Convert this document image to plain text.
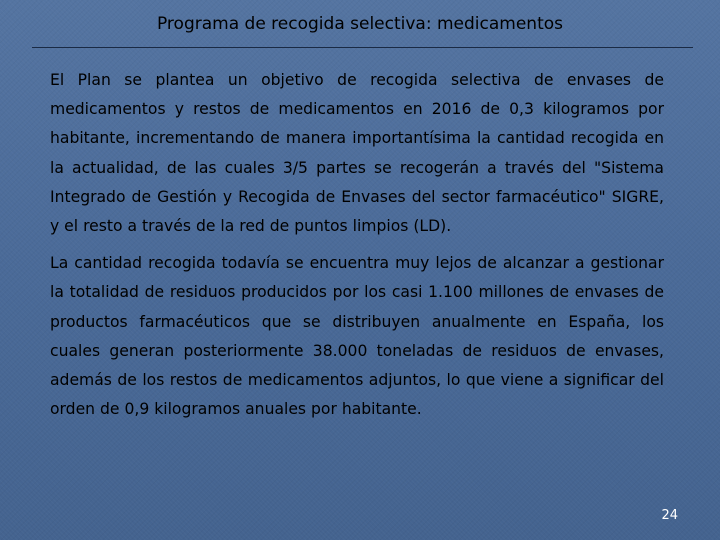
Programa de recogida selectiva: medicamentos

El Plan se plantea un objetivo de recogida selectiva de envases de medicamentos y restos de medicamentos en 2016 de 0,3 kilogramos por habitante, incrementando de manera importantísima la cantidad recogida en la actualidad, de las cuales 3/5 partes se recogerán a través del "Sistema Integrado de Gestión y Recogida de Envases del sector farmacéutico" SIGRE, y el resto a través de la red de puntos limpios (LD).

La cantidad recogida todavía se encuentra muy lejos de alcanzar a gestionar la totalidad de residuos producidos por los casi 1.100 millones de envases de productos farmacéuticos que se distribuyen anualmente en España, los cuales generan posteriormente 38.000 toneladas de residuos de envases, además de los restos de medicamentos adjuntos, lo que viene a significar del orden de 0,9 kilogramos anuales por habitante.

24
